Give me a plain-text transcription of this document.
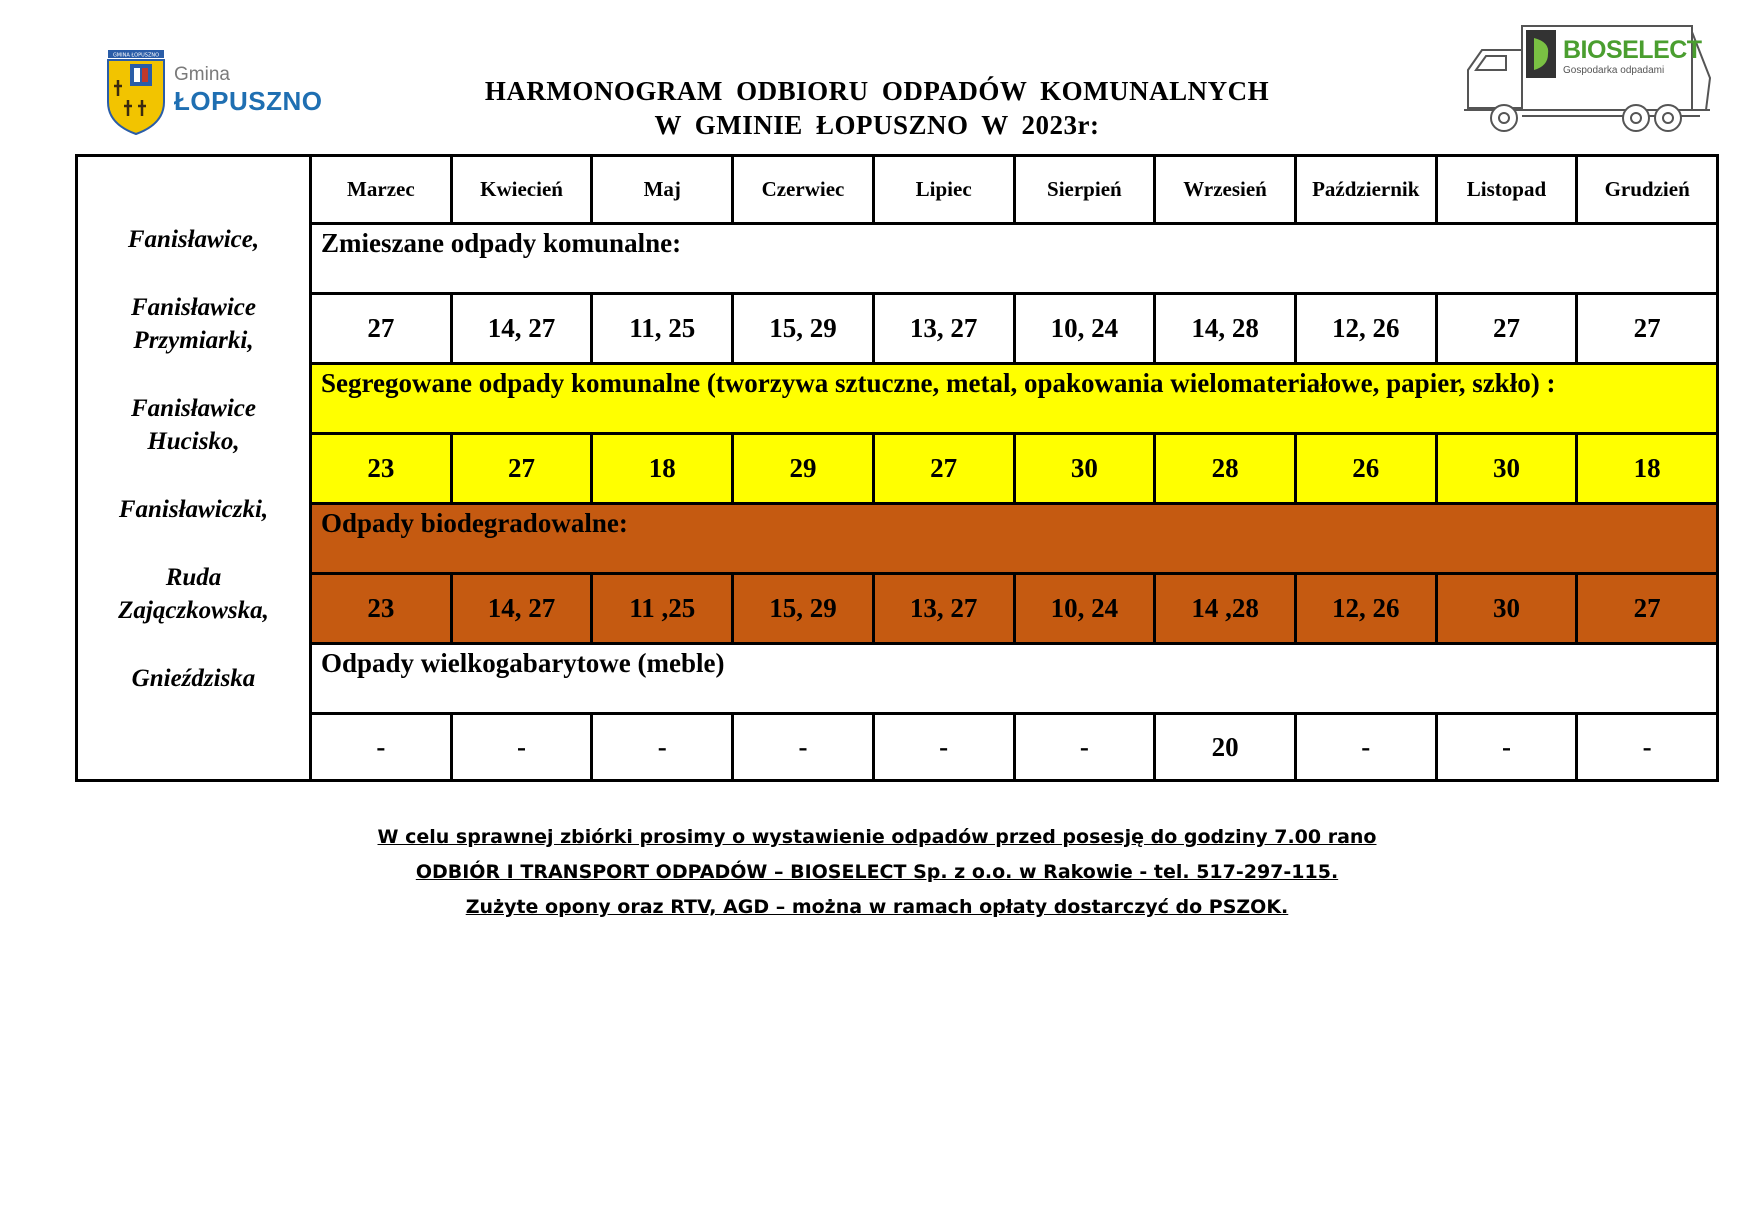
GMINA ŁOPUSZNO
Gmina
ŁOPUSZNO	HARMONOGRAM ODBIORU ODPADÓW KOMUNALNYCH
W GMINIE ŁOPUSZNO W 2023r:
BIOSELECT
Gospodarka odpadami
Fanisławice,
Fanisławice
Przymiarki,
Fanisławice
Hucisko,
Fanisławiczki,
Ruda
Zajączkowska,
Gnieździska
Marzec	Kwiecień	Maj	Czerwiec	Lipiec	Sierpień	Wrzesień	Październik	Listopad	Grudzień
Zmieszane odpady komunalne:
27	14, 27	11, 25	15, 29	13, 27	10, 24	14, 28	12, 26	27	27
Segregowane odpady komunalne (tworzywa sztuczne, metal, opakowania wielomateriałowe, papier, szkło) :
23	27	18	29	27	30	28	26	30	18
Odpady biodegradowalne:
23	14, 27	11 ,25	15, 29	13, 27	10, 24	14 ,28	12, 26	30	27
Odpady wielkogabarytowe (meble)
-	-	-	-	-	-	20	-	-	-
W celu sprawnej zbiórki prosimy o wystawienie odpadów przed posesję do godziny 7.00 rano
ODBIÓR I TRANSPORT ODPADÓW – BIOSELECT Sp. z o.o. w Rakowie - tel. 517-297-115.
Zużyte opony oraz RTV, AGD – można w ramach opłaty dostarczyć do PSZOK.
